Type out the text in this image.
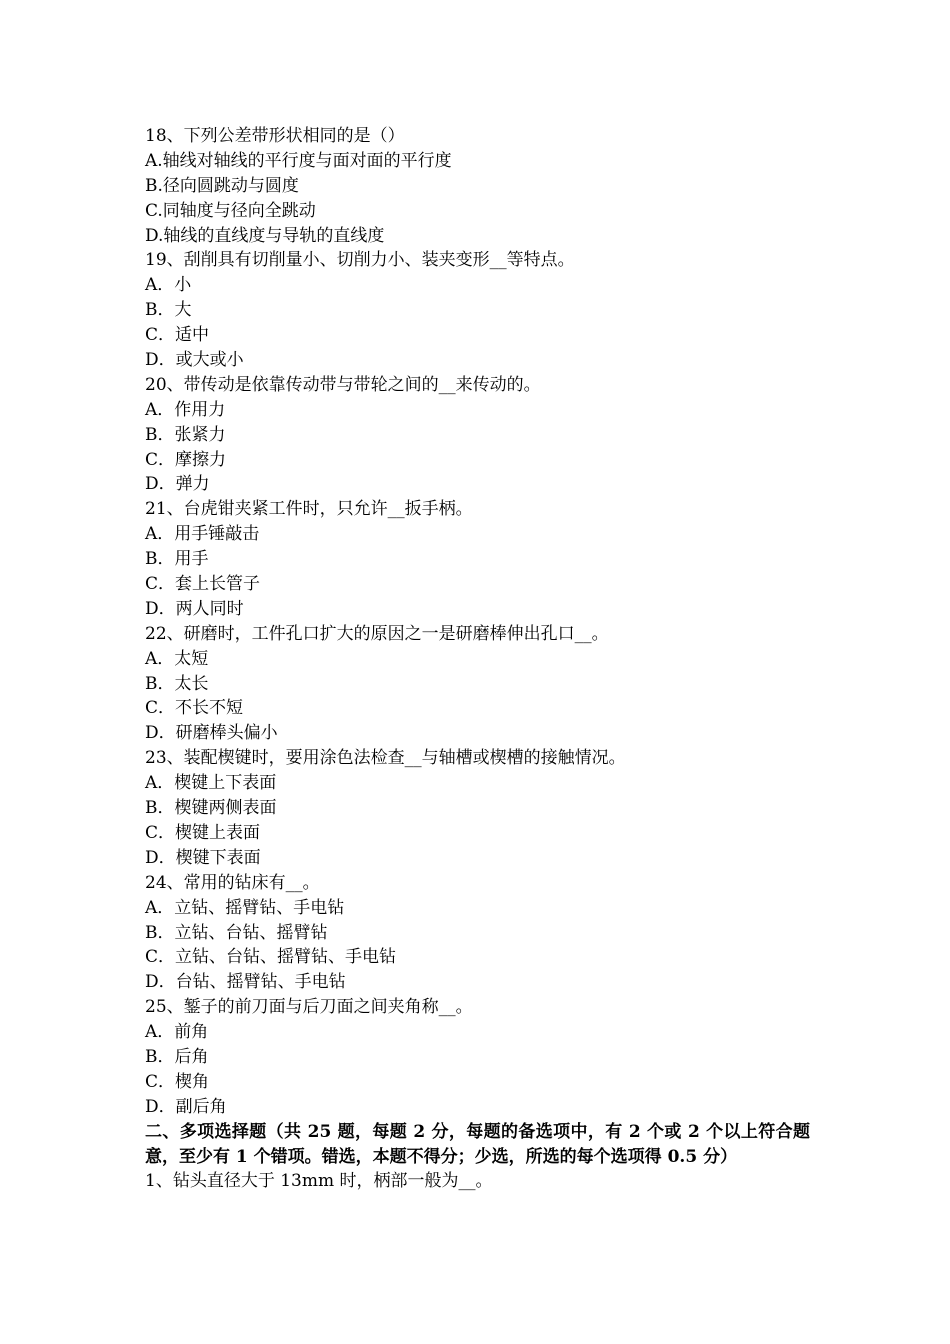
18、下列公差带形状相同的是（）
A.轴线对轴线的平行度与面对面的平行度
B.径向圆跳动与圆度
C.同轴度与径向全跳动
D.轴线的直线度与导轨的直线度
19、刮削具有切削量小、切削力小、装夹变形__等特点。
A．小
B．大
C．适中
D．或大或小
20、带传动是依靠传动带与带轮之间的__来传动的。
A．作用力
B．张紧力
C．摩擦力
D．弹力
21、台虎钳夹紧工件时，只允许__扳手柄。
A．用手锤敲击
B．用手
C．套上长管子
D．两人同时
22、研磨时，工件孔口扩大的原因之一是研磨棒伸出孔口__。
A．太短
B．太长
C．不长不短
D．研磨棒头偏小
23、装配楔键时，要用涂色法检查__与轴槽或楔槽的接触情况。
A．楔键上下表面
B．楔键两侧表面
C．楔键上表面
D．楔键下表面
24、常用的钻床有__。
A．立钻、摇臂钻、手电钻
B．立钻、台钻、摇臂钻
C．立钻、台钻、摇臂钻、手电钻
D．台钻、摇臂钻、手电钻
25、錾子的前刀面与后刀面之间夹角称__。
A．前角
B．后角
C．楔角
D．副后角
二、多项选择题（共 25 题，每题 2 分，每题的备选项中，有 2 个或 2 个以上符合题意，至少有 1 个错项。错选，本题不得分；少选，所选的每个选项得 0.5 分）
1、钻头直径大于 13mm 时，柄部一般为__。
